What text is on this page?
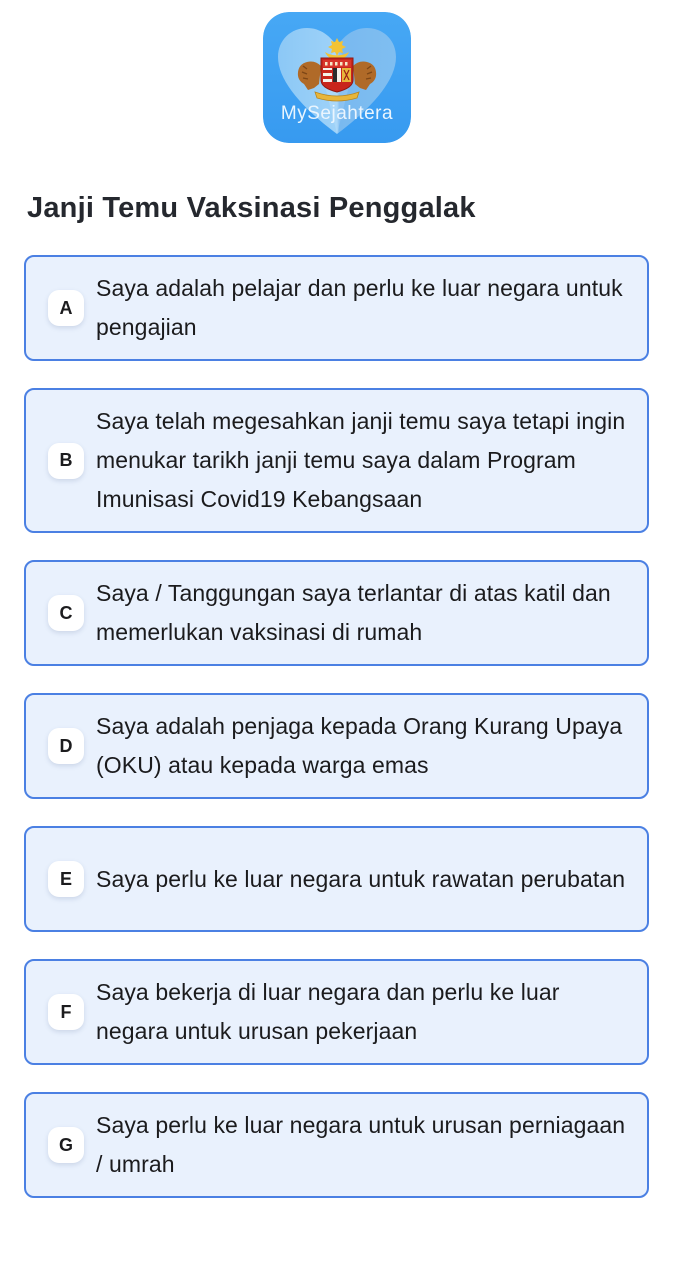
MySejahtera
Janji Temu Vaksinasi Penggalak
A
Saya adalah pelajar dan perlu ke luar negara untuk pengajian
B
Saya telah megesahkan janji temu saya tetapi ingin menukar tarikh janji temu saya dalam Program Imunisasi Covid19 Kebangsaan
C
Saya / Tanggungan saya terlantar di atas katil dan memerlukan vaksinasi di rumah
D
Saya adalah penjaga kepada Orang Kurang Upaya (OKU) atau kepada warga emas
E	Saya perlu ke luar negara untuk rawatan perubatan
F
Saya bekerja di luar negara dan perlu ke luar negara untuk urusan pekerjaan
G
Saya perlu ke luar negara untuk urusan perniagaan / umrah
